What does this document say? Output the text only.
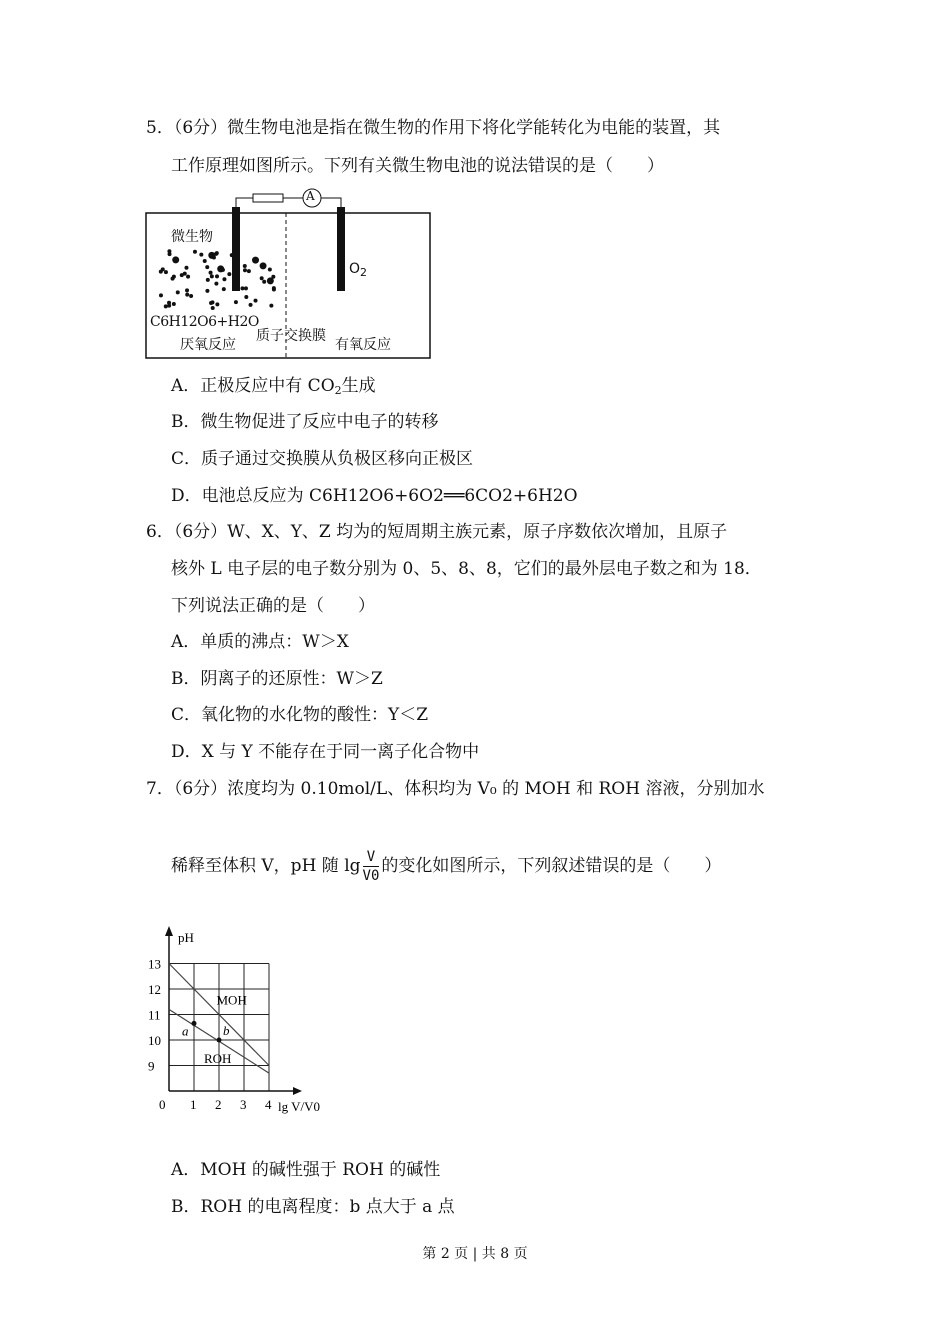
5．（6分）微生物电池是指在微生物的作用下将化学能转化为电能的装置，其
工作原理如图所示。下列有关微生物电池的说法错误的是（　　）
微生物
A
$O_2$
C6H12O6+H2O
厌氧反应
质子交换膜
有氧反应
A．正极反应中有 $CO_2$生成
B．微生物促进了反应中电子的转移
C．质子通过交换膜从负极区移向正极区
D．电池总反应为 C6H12O6+6O2══6CO2+6H2O
6．（6分）W、X、Y、Z 均为的短周期主族元素，原子序数依次增加，且原子
核外 L 电子层的电子数分别为 0、5、8、8，它们的最外层电子数之和为 18．
下列说法正确的是（　　）
A．单质的沸点：W＞X
B．阴离子的还原性：W＞Z
C．氧化物的水化物的酸性：Y＜Z
D．X 与 Y 不能存在于同一离子化合物中
7．（6分）浓度均为 0.10mol/L、体积均为 V₀ 的 MOH 和 ROH 溶液，分别加水
稀释至体积 V，pH 随 $\lg \frac{V}{V0}$ 的变化如图所示，下列叙述错误的是（　　）
lg V/V0
pH
9
10
11
12
13
0 1 2 3 4
MOH
ROH
a	b
A．MOH 的碱性强于 ROH 的碱性
B．ROH 的电离程度：b 点大于 a 点
第 2 页 | 共 8 页
